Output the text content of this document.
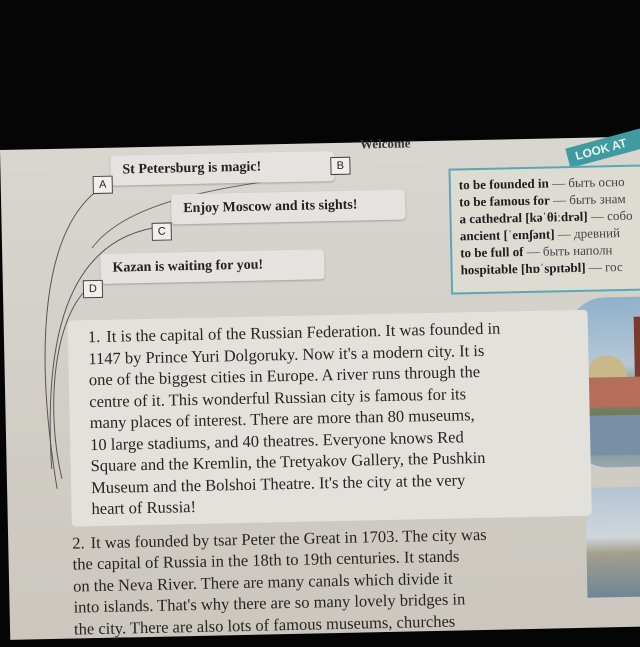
Welcome
St Petersburg is magic!
A
B
Enjoy Moscow and its sights!
C
Kazan is waiting for you!
D
LOOK AT
to be founded in — быть осно
to be famous for — быть знам
a cathedral [kəˈθiːdrəl] — собо
ancient [ˈeɪnʃənt] — древний
to be full of — быть наполн
hospitable [hɒˈspɪtəbl] — гос
1. It is the capital of the Russian Federation. It was founded in
1147 by Prince Yuri Dolgoruky. Now it's a modern city. It is
one of the biggest cities in Europe. A river runs through the
centre of it. This wonderful Russian city is famous for its
many places of interest. There are more than 80 museums,
10 large stadiums, and 40 theatres. Everyone knows Red
Square and the Kremlin, the Tretyakov Gallery, the Pushkin
Museum and the Bolshoi Theatre. It's the city at the very
heart of Russia!
2. It was founded by tsar Peter the Great in 1703. The city was
the capital of Russia in the 18th to 19th centuries. It stands
on the Neva River. There are many canals which divide it
into islands. That's why there are so many lovely bridges in
the city. There are also lots of famous museums, churches
